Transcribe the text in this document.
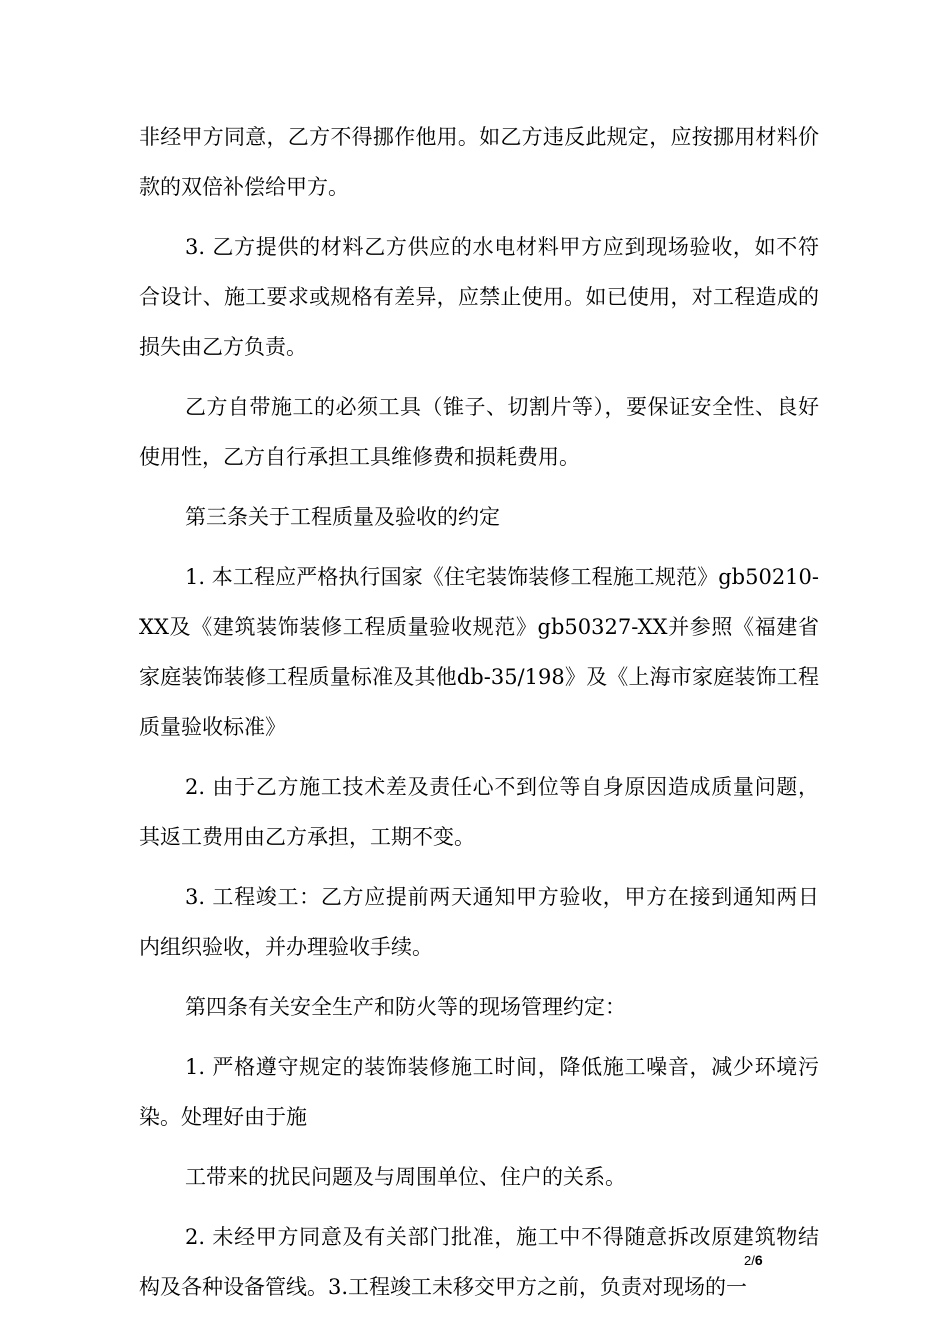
非经甲方同意，乙方不得挪作他用。如乙方违反此规定，应按挪用材料价款的双倍补偿给甲方。

3. 乙方提供的材料乙方供应的水电材料甲方应到现场验收，如不符合设计、施工要求或规格有差异，应禁止使用。如已使用，对工程造成的损失由乙方负责。

乙方自带施工的必须工具（锥子、切割片等），要保证安全性、良好使用性，乙方自行承担工具维修费和损耗费用。

第三条关于工程质量及验收的约定

1. 本工程应严格执行国家《住宅装饰装修工程施工规范》gb50210-XX及《建筑装饰装修工程质量验收规范》gb50327-XX并参照《福建省家庭装饰装修工程质量标准及其他db-35/198》及《上海市家庭装饰工程质量验收标准》

2. 由于乙方施工技术差及责任心不到位等自身原因造成质量问题，其返工费用由乙方承担，工期不变。

3. 工程竣工：乙方应提前两天通知甲方验收，甲方在接到通知两日内组织验收，并办理验收手续。

第四条有关安全生产和防火等的现场管理约定：

1. 严格遵守规定的装饰装修施工时间，降低施工噪音，减少环境污染。处理好由于施

工带来的扰民问题及与周围单位、住户的关系。

2. 未经甲方同意及有关部门批准，施工中不得随意拆改原建筑物结构及各种设备管线。3.工程竣工未移交甲方之前，负责对现场的一

2/6
